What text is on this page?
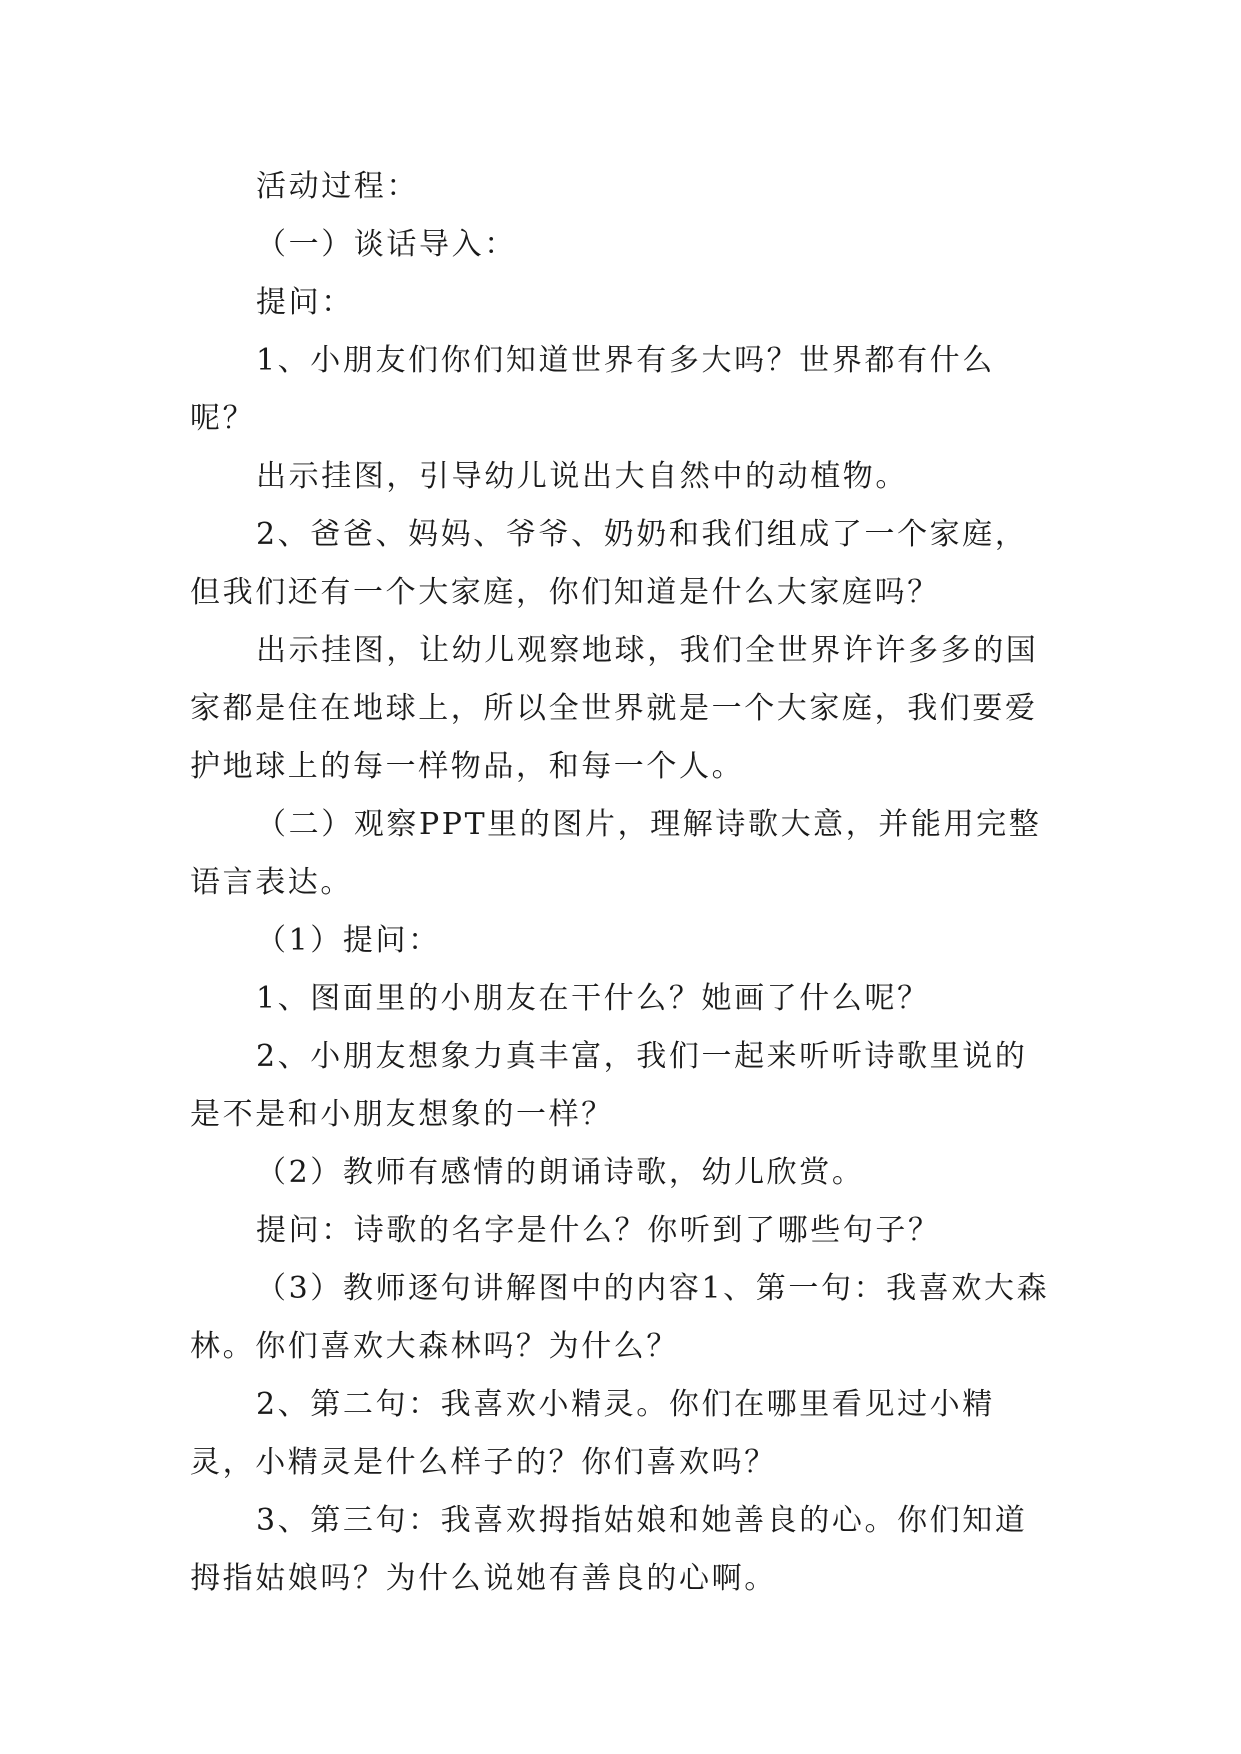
活动过程：

（一）谈话导入：

提问：

1、小朋友们你们知道世界有多大吗？世界都有什么呢？

出示挂图，引导幼儿说出大自然中的动植物。

2、爸爸、妈妈、爷爷、奶奶和我们组成了一个家庭，但我们还有一个大家庭，你们知道是什么大家庭吗？

出示挂图，让幼儿观察地球，我们全世界许许多多的国家都是住在地球上，所以全世界就是一个大家庭，我们要爱护地球上的每一样物品，和每一个人。

（二）观察PPT里的图片，理解诗歌大意，并能用完整语言表达。

（1）提问：

1、图面里的小朋友在干什么？她画了什么呢？

2、小朋友想象力真丰富，我们一起来听听诗歌里说的是不是和小朋友想象的一样？

（2）教师有感情的朗诵诗歌，幼儿欣赏。

提问：诗歌的名字是什么？你听到了哪些句子？

（3）教师逐句讲解图中的内容1、第一句：我喜欢大森林。你们喜欢大森林吗？为什么？

2、第二句：我喜欢小精灵。你们在哪里看见过小精灵，小精灵是什么样子的？你们喜欢吗？

3、第三句：我喜欢拇指姑娘和她善良的心。你们知道拇指姑娘吗？为什么说她有善良的心啊。
